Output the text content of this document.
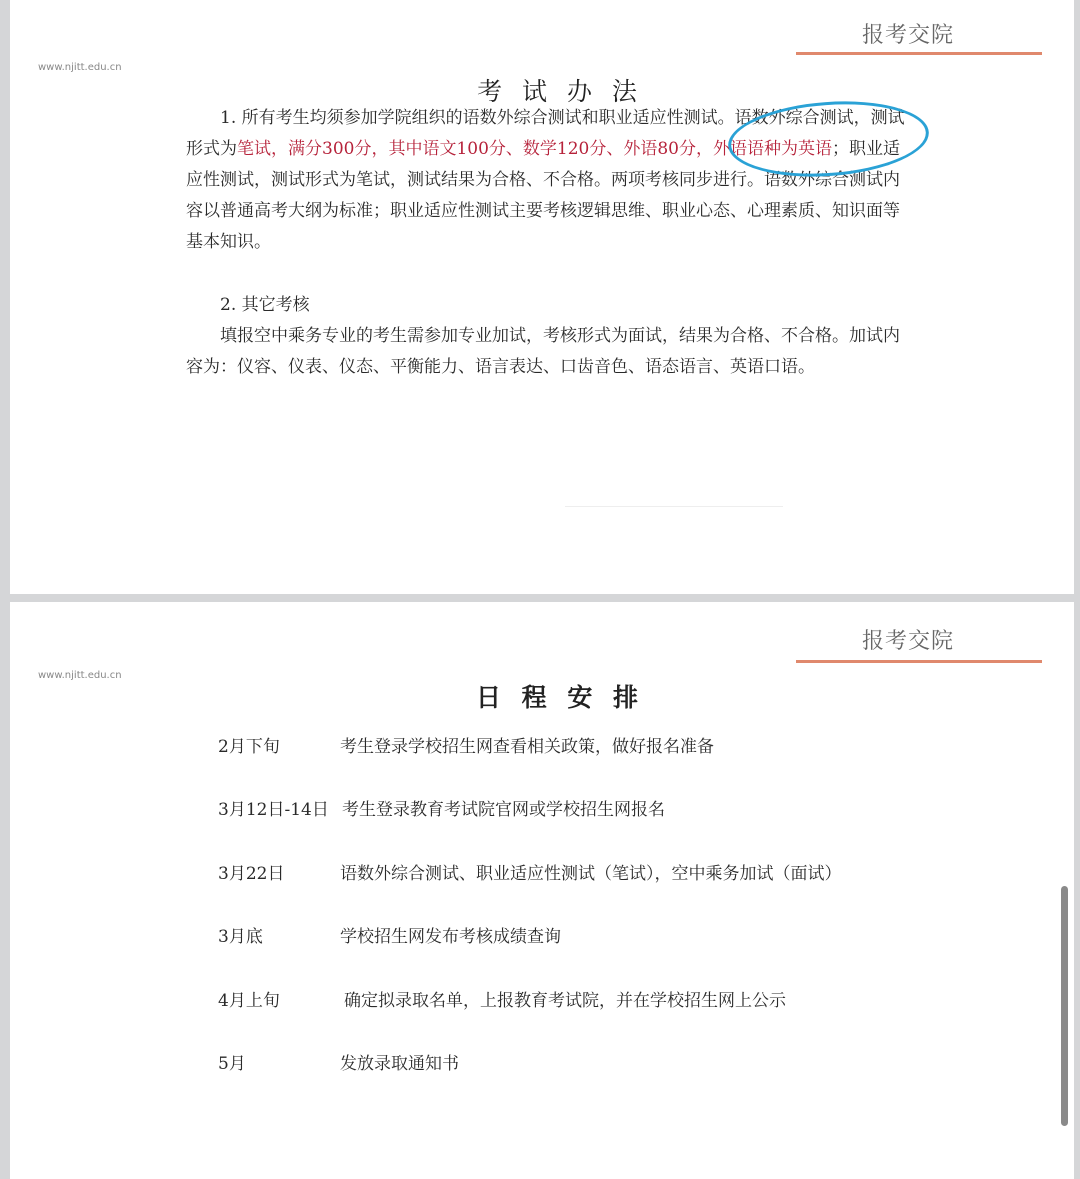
报考交院
www.njitt.edu.cn
考 试 办 法

1. 所有考生均须参加学院组织的语数外综合测试和职业适应性测试。语数外综合测试，测试形式为笔试，满分300分，其中语文100分、数学120分、外语80分，外语语种为英语；职业适应性测试，测试形式为笔试，测试结果为合格、不合格。两项考核同步进行。语数外综合测试内容以普通高考大纲为标准；职业适应性测试主要考核逻辑思维、职业心态、心理素质、知识面等基本知识。

2. 其它考核

填报空中乘务专业的考生需参加专业加试，考核形式为面试，结果为合格、不合格。加试内容为：仪容、仪表、仪态、平衡能力、语言表达、口齿音色、语态语言、英语口语。

报考交院
www.njitt.edu.cn
日 程 安 排
2月下旬	考生登录学校招生网查看相关政策，做好报名准备
3月12日-14日 考生登录教育考试院官网或学校招生网报名
3月22日	语数外综合测试、职业适应性测试（笔试），空中乘务加试（面试）
3月底	学校招生网发布考核成绩查询
4月上旬	确定拟录取名单，上报教育考试院，并在学校招生网上公示
5月	发放录取通知书
